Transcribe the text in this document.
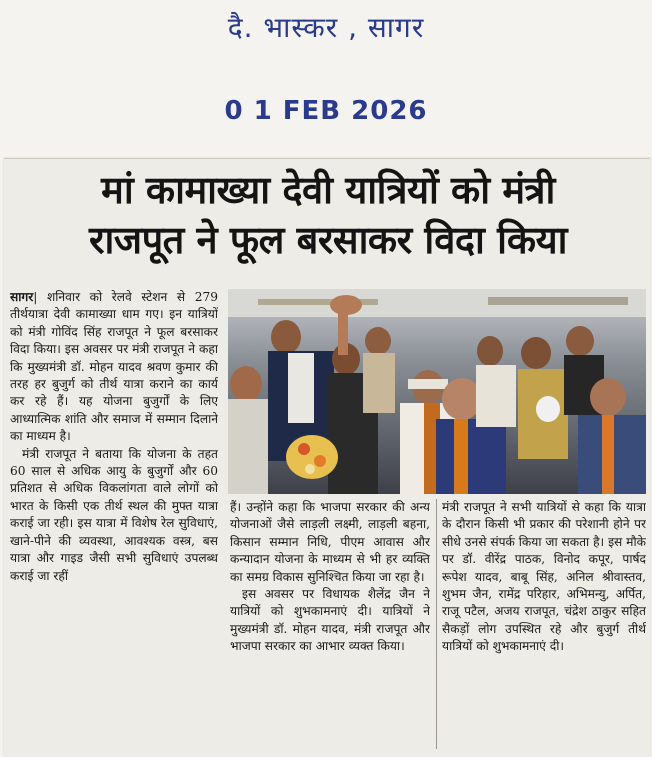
दै. भास्कर , सागर
0 1 FEB 2026
मां कामाख्या देवी यात्रियों को मंत्री
राजपूत ने फूल बरसाकर विदा किया

सागर| शनिवार को रेलवे स्टेशन से 279 तीर्थयात्रा देवी कामाख्या धाम गए। इन यात्रियों को मंत्री गोविंद सिंह राजपूत ने फूल बरसाकर विदा किया। इस अवसर पर मंत्री राजपूत ने कहा कि मुख्यमंत्री डॉ. मोहन यादव श्रवण कुमार की तरह हर बुजुर्ग को तीर्थ यात्रा कराने का कार्य कर रहे हैं। यह योजना बुजुर्गों के लिए आध्यात्मिक शांति और समाज में सम्मान दिलाने का माध्यम है।

मंत्री राजपूत ने बताया कि योजना के तहत 60 साल से अधिक आयु के बुजुर्गों और 60 प्रतिशत से अधिक विकलांगता वाले लोगों को भारत के किसी एक तीर्थ स्थल की मुफ्त यात्रा कराई जा रही। इस यात्रा में विशेष रेल सुविधाएं, खाने-पीने की व्यवस्था, आवश्यक वस्त्र, बस यात्रा और गाइड जैसी सभी सुविधाएं उपलब्ध कराई जा रहीं

हैं। उन्होंने कहा कि भाजपा सरकार की अन्य योजनाओं जैसे लाड़ली लक्ष्मी, लाड़ली बहना, किसान सम्मान निधि, पीएम आवास और कन्यादान योजना के माध्यम से भी हर व्यक्ति का समग्र विकास सुनिश्चित किया जा रहा है।

इस अवसर पर विधायक शैलेंद्र जैन ने यात्रियों को शुभकामनाएं दी। यात्रियों ने मुख्यमंत्री डॉ. मोहन यादव, मंत्री राजपूत और भाजपा सरकार का आभार व्यक्त किया।

मंत्री राजपूत ने सभी यात्रियों से कहा कि यात्रा के दौरान किसी भी प्रकार की परेशानी होने पर सीधे उनसे संपर्क किया जा सकता है। इस मौके पर डॉ. वीरेंद्र पाठक, विनोद कपूर, पार्षद रूपेश यादव, बाबू सिंह, अनिल श्रीवास्तव, शुभम जैन, रामेंद्र परिहार, अभिमन्यु, अर्पित, राजू पटैल, अजय राजपूत, चंद्रेश ठाकुर सहित सैकड़ों लोग उपस्थित रहे और बुजुर्ग तीर्थ यात्रियों को शुभकामनाएं दी।
